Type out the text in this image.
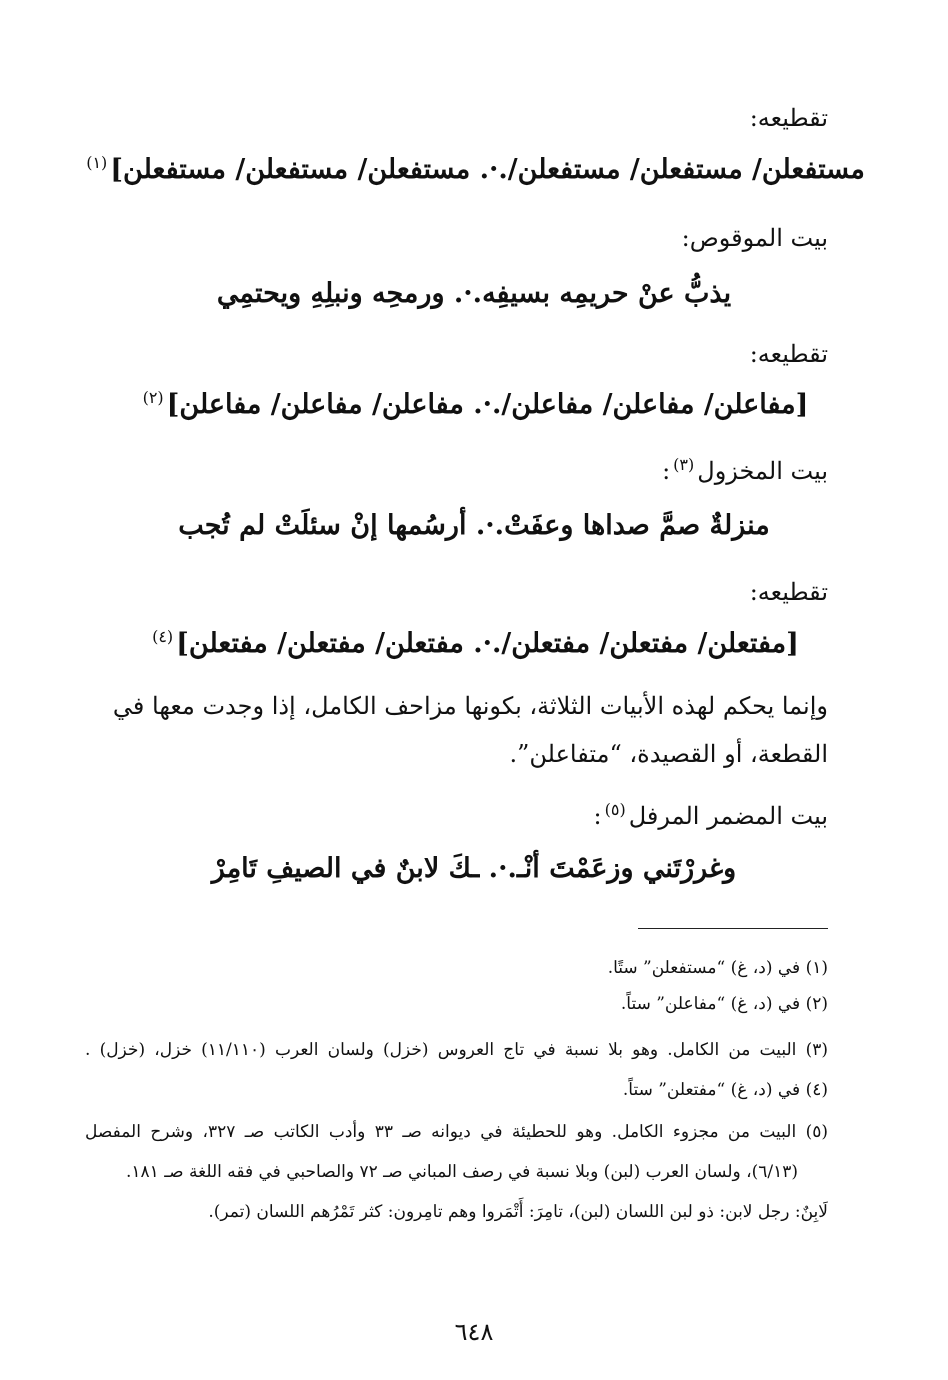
تقطيعه:
مستفعلن/ مستفعلن/ مستفعلن/.·. مستفعلن/ مستفعلن/ مستفعلن]$^{(١)}$
بيت الموقوص:
يذبُّ عنْ حريمِه بسيفِه.·. ورمحِه ونبلِهِ ويحتمِي
تقطيعه:
[مفاعلن/ مفاعلن/ مفاعلن/.·. مفاعلن/ مفاعلن/ مفاعلن]$^{(٢)}$
بيت المخزول$^{(٣)}$:
منزلةٌ صمَّ صداها وعفَتْ.·. أرسُمها إنْ سئلَتْ لم تُجب
تقطيعه:
[مفتعلن/ مفتعلن/ مفتعلن/.·. مفتعلن/ مفتعلن/ مفتعلن]$^{(٤)}$
وإنما يحكم لهذه الأبيات الثلاثة، بكونها مزاحف الكامل، إذا وجدت معها في
القطعة، أو القصيدة، “متفاعلن”.
بيت المضمر المرفل$^{(٥)}$:
وغررْتَني وزعَمْتَ أنْـ.·. ـكَ لابنٌ في الصيفِ تَامِرْ
(١) في (د، غ) “مستفعلن” ستًا.
(٢) في (د، غ) “مفاعلن” ستاً.
(٣) البيت من الكامل. وهو بلا نسبة في تاج العروس (خزل) ولسان العرب (١١/١١٠) خزل، (خزل) .
(٤) في (د، غ) “مفتعلن” ستاً.
(٥) البيت من مجزوء الكامل. وهو للحطيئة في ديوانه صـ ٣٣ وأدب الكاتب صـ ٣٢٧، وشرح المفصل
(٦/١٣)، ولسان العرب (لبن) وبلا نسبة في رصف المباني صـ ٧٢ والصاحبي في فقه اللغة صـ ١٨١.
لَابِنٌ: رجل لابن: ذو لبن اللسان (لبن)، تامِرَ: أَتْمَروا وهم تامِرون: كثر تَمْرُهم اللسان (تمر).
٦٤٨
